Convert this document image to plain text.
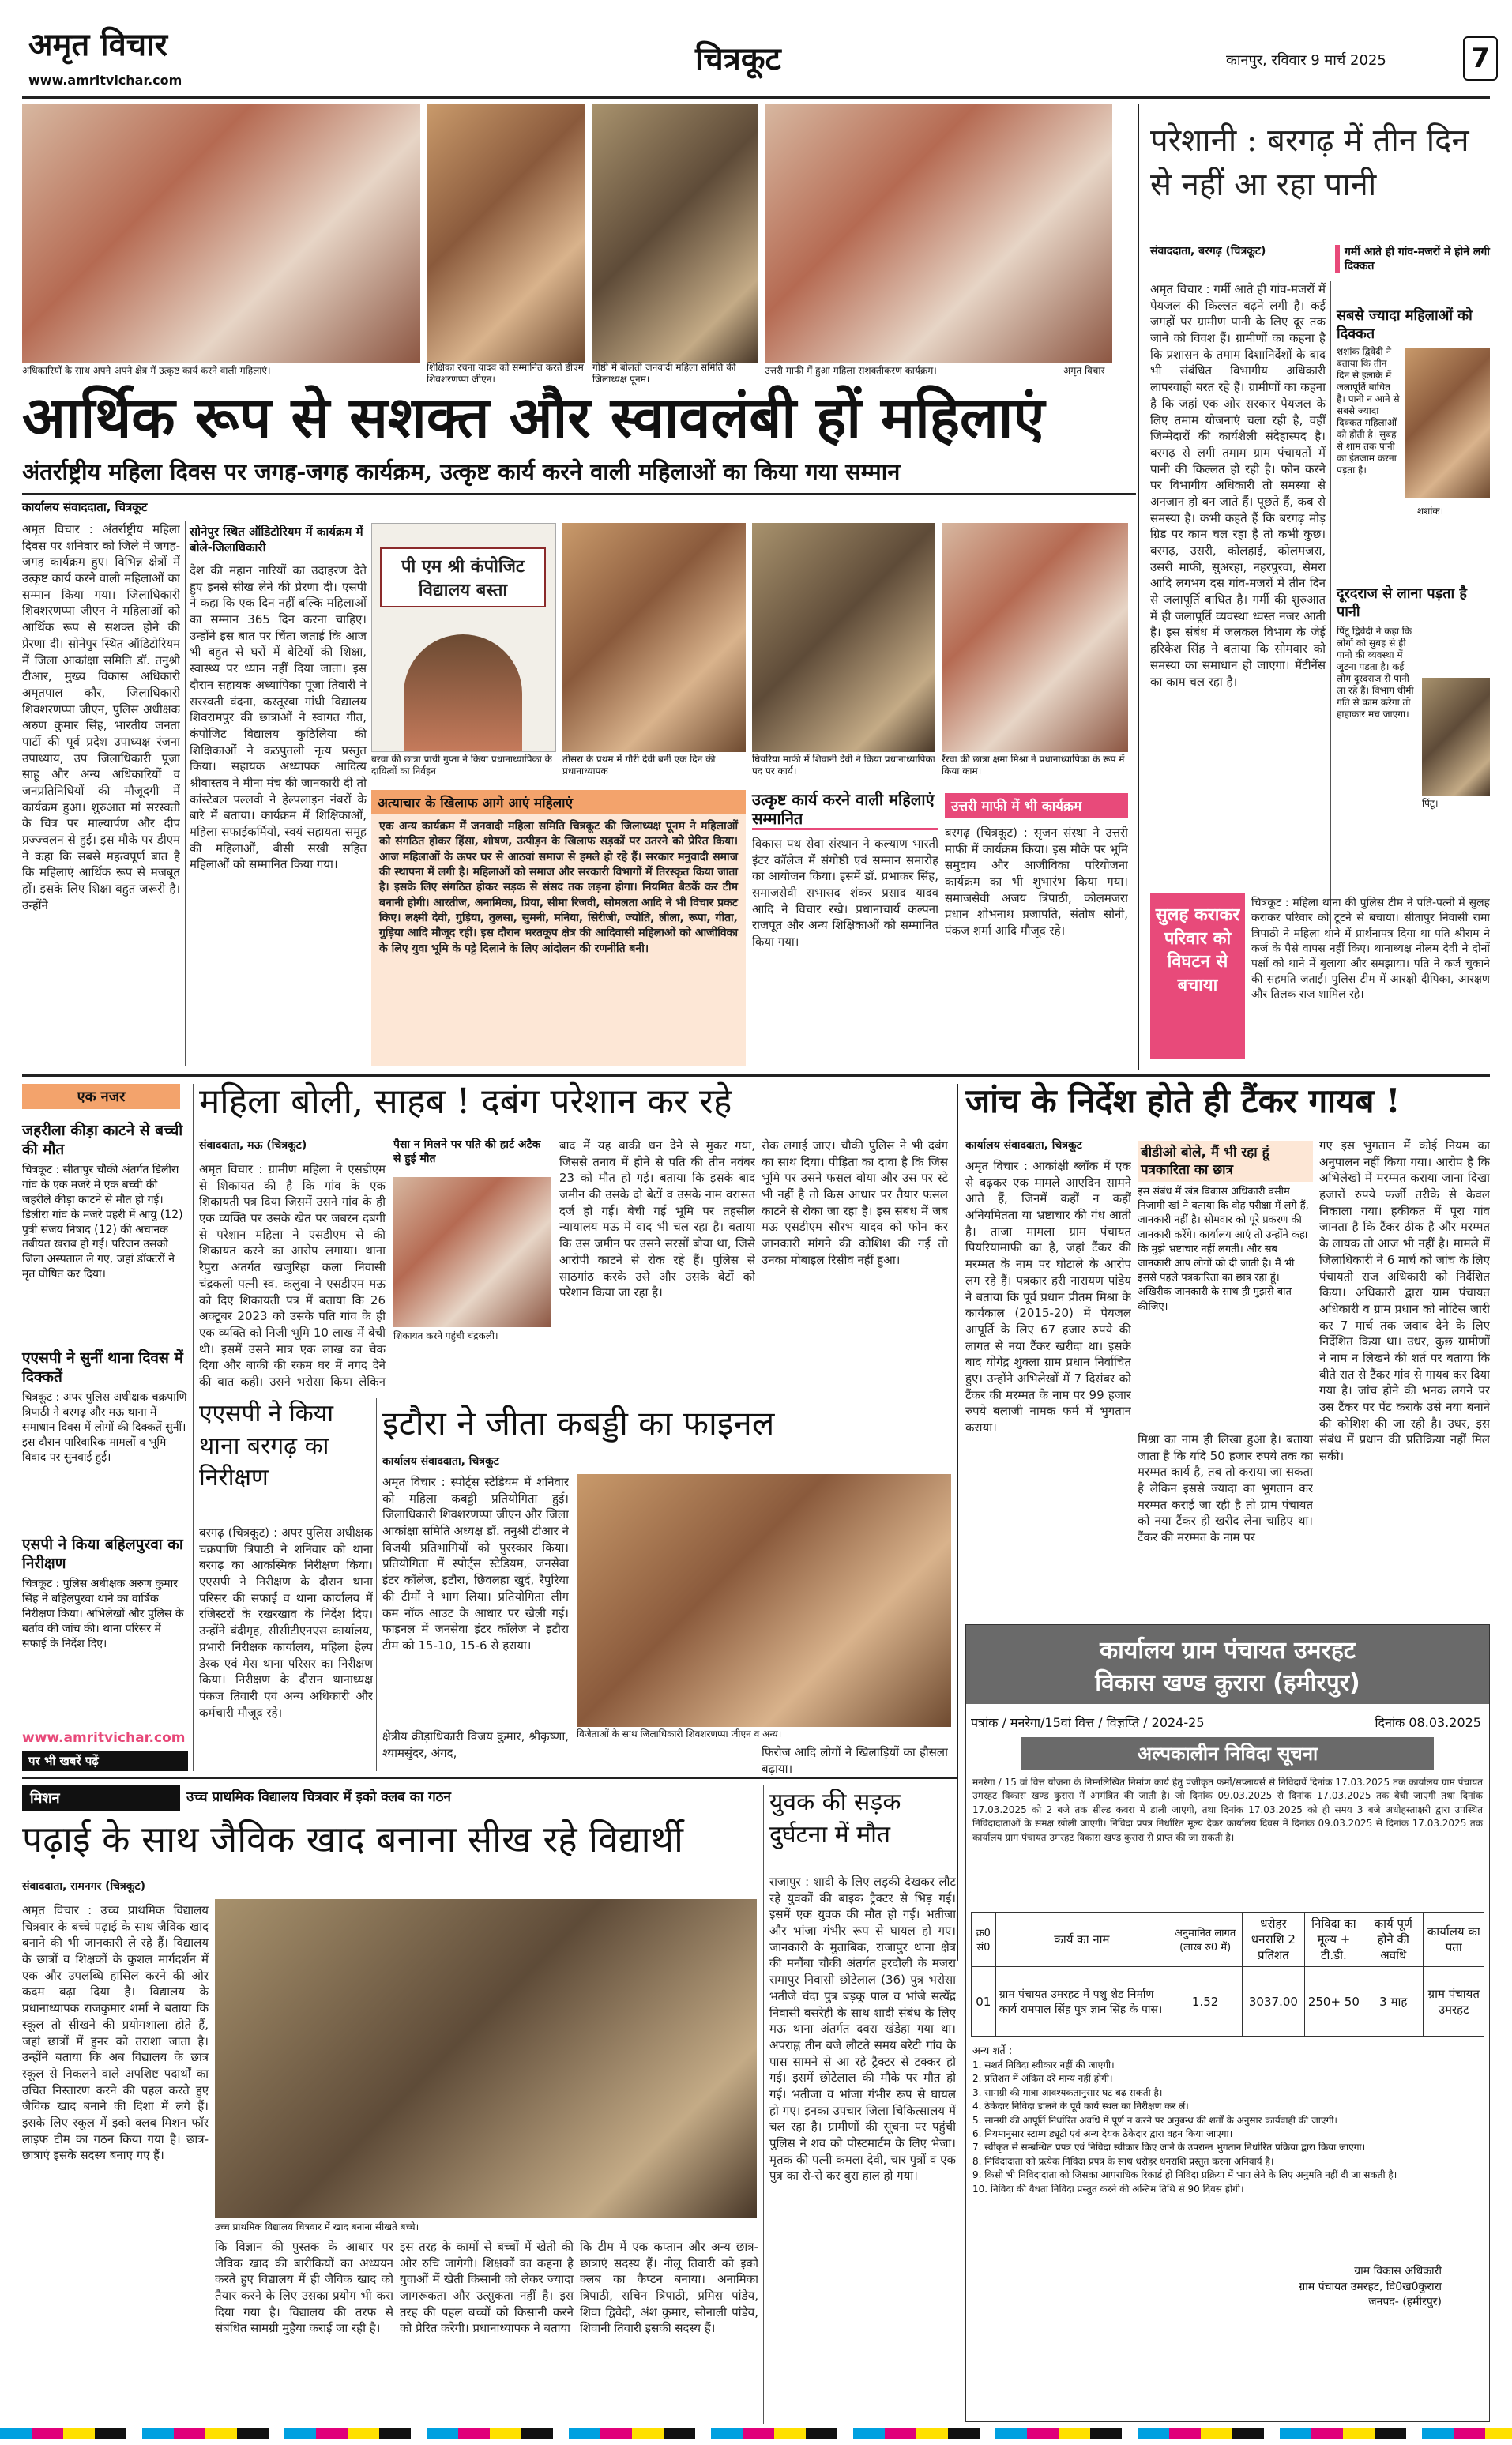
अमृत विचार
www.amritvichar.com
चित्रकूट	कानपुर, रविवार 9 मार्च 2025	7
अधिकारियों के साथ अपने-अपने क्षेत्र में उत्कृष्ट कार्य करने वाली महिलाएं।	शिक्षिका रचना यादव को सम्मानित करते डीएम शिवशरणप्पा जीएन।
गोष्ठी में बोलतीं जनवादी महिला समिति की जिलाध्यक्ष पूनम।
उत्तरी माफी में हुआ महिला सशक्तीकरण कार्यक्रम।	अमृत विचार
आर्थिक रूप से सशक्त और स्वावलंबी हों महिलाएं
अंतर्राष्ट्रीय महिला दिवस पर जगह-जगह कार्यक्रम, उत्कृष्ट कार्य करने वाली महिलाओं का किया गया सम्मान
कार्यालय संवाददाता, चित्रकूट
अमृत विचार : अंतर्राष्ट्रीय महिला दिवस पर शनिवार को जिले में जगह-जगह कार्यक्रम हुए। विभिन्न क्षेत्रों में उत्कृष्ट कार्य करने वाली महिलाओं का सम्मान किया गया। जिलाधिकारी शिवशरणप्पा जीएन ने महिलाओं को आर्थिक रूप से सशक्त होने की प्रेरणा दी। सोनेपुर स्थित ऑडिटोरियम में जिला आकांक्षा समिति डॉ. तनुश्री टीआर, मुख्य विकास अधिकारी अमृतपाल कौर, जिलाधिकारी शिवशरणप्पा जीएन, पुलिस अधीक्षक अरुण कुमार सिंह, भारतीय जनता पार्टी की पूर्व प्रदेश उपाध्यक्ष रंजना उपाध्याय, उप जिलाधिकारी पूजा साहू और अन्य अधिकारियों व जनप्रतिनिधियों की मौजूदगी में कार्यक्रम हुआ। शुरुआत मां सरस्वती के चित्र पर माल्यार्पण और दीप प्रज्ज्वलन से हुई। इस मौके पर डीएम ने कहा कि सबसे महत्वपूर्ण बात है कि महिलाएं आर्थिक रूप से मजबूत हों। इसके लिए शिक्षा बहुत जरूरी है। उन्होंने
सोनेपुर स्थित ऑडिटोरियम में कार्यक्रम में बोले-जिलाधिकारी
देश की महान नारियों का उदाहरण देते हुए इनसे सीख लेने की प्रेरणा दी। एसपी ने कहा कि एक दिन नहीं बल्कि महिलाओं का सम्मान 365 दिन करना चाहिए। उन्होंने इस बात पर चिंता जताई कि आज भी बहुत से घरों में बेटियों की शिक्षा, स्वास्थ्य पर ध्यान नहीं दिया जाता। इस दौरान सहायक अध्यापिका पूजा तिवारी ने सरस्वती वंदना, कस्तूरबा गांधी विद्यालय शिवरामपुर की छात्राओं ने स्वागत गीत, कंपोजिट विद्यालय कुठिलिया की शिक्षिकाओं ने कठपुतली नृत्य प्रस्तुत किया। सहायक अध्यापक आदित्य श्रीवास्तव ने मीना मंच की जानकारी दी तो कांस्टेबल पल्लवी ने हेल्पलाइन नंबरों के बारे में बताया। कार्यक्रम में शिक्षिकाओं, महिला सफाईकर्मियों, स्वयं सहायता समूह की महिलाओं, बीसी सखी सहित महिलाओं को सम्मानित किया गया।
पी एम श्री कंपोजिट विद्यालय बस्ता
बरवा की छात्रा प्राची गुप्ता ने किया प्रधानाध्यापिका के दायित्वों का निर्वहन
तीसरा के प्रथम में गौरी देवी बनीं एक दिन की प्रधानाध्यापक
घियरिया माफी में शिवानी देवी ने किया प्रधानाध्यापिका पद पर कार्य।
रैंरवा की छात्रा क्षमा मिश्रा ने प्रधानाध्यापिका के रूप में किया काम।
अत्याचार के खिलाफ आगे आएं महिलाएं
एक अन्य कार्यक्रम में जनवादी महिला समिति चित्रकूट की जिलाध्यक्ष पूनम ने महिलाओं को संगठित होकर हिंसा, शोषण, उत्पीड़न के खिलाफ सड़कों पर उतरने को प्रेरित किया। आज महिलाओं के ऊपर घर से आठवां समाज से हमले हो रहे हैं। सरकार मनुवादी समाज की स्थापना में लगी है। महिलाओं को समाज और सरकारी विभागों में तिरस्कृत किया जाता है। इसके लिए संगठित होकर सड़क से संसद तक लड़ना होगा। नियमित बैठकें कर टीम बनानी होगी। आरतीज, अनामिका, प्रिया, सीमा रिजवी, सोमलता आदि ने भी विचार प्रकट किए। लक्ष्मी देवी, गुड़िया, तुलसा, सुमनी, मनिया, सिरीजी, ज्योति, लीला, रूपा, गीता, गुड़िया आदि मौजूद रहीं। इस दौरान भरतकूप क्षेत्र की आदिवासी महिलाओं को आजीविका के लिए युवा भूमि के पट्टे दिलाने के लिए आंदोलन की रणनीति बनी।
उत्कृष्ट कार्य करने वाली महिलाएं सम्मानित
विकास पथ सेवा संस्थान ने कल्याण भारती इंटर कॉलेज में संगोष्ठी एवं सम्मान समारोह का आयोजन किया। इसमें डॉ. प्रभाकर सिंह, समाजसेवी सभासद शंकर प्रसाद यादव आदि ने विचार रखे। प्रधानाचार्य कल्पना राजपूत और अन्य शिक्षिकाओं को सम्मानित किया गया।
उत्तरी माफी में भी कार्यक्रम
बरगढ़ (चित्रकूट) : सृजन संस्था ने उत्तरी माफी में कार्यक्रम किया। इस मौके पर भूमि समुदाय और आजीविका परियोजना कार्यक्रम का भी शुभारंभ किया गया। समाजसेवी अजय त्रिपाठी, कोलमजरा प्रधान शोभनाथ प्रजापति, संतोष सोनी, पंकज शर्मा आदि मौजूद रहे।
परेशानी : बरगढ़ में तीन दिन से नहीं आ रहा पानी
संवाददाता, बरगढ़ (चित्रकूट)	गर्मी आते ही गांव-मजरों में होने लगी दिक्कत
अमृत विचार : गर्मी आते ही गांव-मजरों में पेयजल की किल्लत बढ़ने लगी है। कई जगहों पर ग्रामीण पानी के लिए दूर तक जाने को विवश हैं। ग्रामीणों का कहना है कि प्रशासन के तमाम दिशानिर्देशों के बाद भी संबंधित विभागीय अधिकारी लापरवाही बरत रहे हैं। ग्रामीणों का कहना है कि जहां एक ओर सरकार पेयजल के लिए तमाम योजनाएं चला रही है, वहीं जिम्मेदारों की कार्यशैली संदेहास्पद है। बरगढ़ से लगी तमाम ग्राम पंचायतों में पानी की किल्लत हो रही है। फोन करने पर विभागीय अधिकारी तो समस्या से अनजान हो बन जाते हैं। पूछते हैं, कब से समस्या है। कभी कहते हैं कि बरगढ़ मोड़ ग्रिड पर काम चल रहा है तो कभी कुछ। बरगढ़, उसरी, कोलहाई, कोलमजरा, उसरी माफी, सुअरहा, नहरपुरवा, सेमरा आदि लगभग दस गांव-मजरों में तीन दिन से जलापूर्ति बाधित है। गर्मी की शुरुआत में ही जलापूर्ति व्यवस्था ध्वस्त नजर आती है। इस संबंध में जलकल विभाग के जेई हरिकेश सिंह ने बताया कि सोमवार को समस्या का समाधान हो जाएगा। मेंटीनेंस का काम चल रहा है।
सबसे ज्यादा महिलाओं को दिक्कत
शशांक द्विवेदी ने बताया कि तीन दिन से इलाके में जलापूर्ति बाधित है। पानी न आने से सबसे ज्यादा दिक्कत महिलाओं को होती है। सुबह से शाम तक पानी का इंतजाम करना पड़ता है।
शशांक।
दूरदराज से लाना पड़ता है पानी
पिंटू द्विवेदी ने कहा कि लोगों को सुबह से ही पानी की व्यवस्था में जुटना पड़ता है। कई लोग दूरदराज से पानी ला रहे हैं। विभाग धीमी गति से काम करेगा तो हाहाकार मच जाएगा।
पिंटू।
सुलह कराकर परिवार को विघटन से बचाया
चित्रकूट : महिला थाना की पुलिस टीम ने पति-पत्नी में सुलह कराकर परिवार को टूटने से बचाया। सीतापुर निवासी रामा त्रिपाठी ने महिला थाने में प्रार्थनापत्र दिया था पति श्रीराम ने कर्ज के पैसे वापस नहीं किए। थानाध्यक्ष नीलम देवी ने दोनों पक्षों को थाने में बुलाया और समझाया। पति ने कर्ज चुकाने की सहमति जताई। पुलिस टीम में आरक्षी दीपिका, आरक्षण और तिलक राज शामिल रहे।
एक नजर
जहरीला कीड़ा काटने से बच्ची की मौत
चित्रकूट : सीतापुर चौकी अंतर्गत डिलीरा गांव के एक मजरे में एक बच्ची की जहरीले कीड़ा काटने से मौत हो गई। डिलीरा गांव के मजरे पहरी में आयु (12) पुत्री संजय निषाद (12) की अचानक तबीयत खराब हो गई। परिजन उसको जिला अस्पताल ले गए, जहां डॉक्टरों ने मृत घोषित कर दिया।
एएसपी ने सुनीं थाना दिवस में दिक्कतें
चित्रकूट : अपर पुलिस अधीक्षक चक्रपाणि त्रिपाठी ने बरगढ़ और मऊ थाना में समाधान दिवस में लोगों की दिक्कतें सुनीं। इस दौरान पारिवारिक मामलों व भूमि विवाद पर सुनवाई हुई।
एसपी ने किया बहिलपुरवा का निरीक्षण
चित्रकूट : पुलिस अधीक्षक अरुण कुमार सिंह ने बहिलपुरवा थाने का वार्षिक निरीक्षण किया। अभिलेखों और पुलिस के बर्ताव की जांच की। थाना परिसर में सफाई के निर्देश दिए।
www.amritvichar.com
पर भी खबरें पढ़ें
महिला बोली, साहब ! दबंग परेशान कर रहे
संवाददाता, मऊ (चित्रकूट)
अमृत विचार : ग्रामीण महिला ने एसडीएम से शिकायत की है कि गांव के एक शिकायती पत्र दिया जिसमें उसने गांव के ही एक व्यक्ति पर उसके खेत पर जबरन दबंगी से परेशान महिला ने एसडीएम से की शिकायत करने का आरोप लगाया। थाना रैपुरा अंतर्गत खजुरिहा कला निवासी चंद्रकली पत्नी स्व. कलुवा ने एसडीएम मऊ को दिए शिकायती पत्र में बताया कि 26 अक्टूबर 2023 को उसके पति गांव के ही एक व्यक्ति को निजी भूमि 10 लाख में बेची थी। इसमें उसने मात्र एक लाख का चेक दिया और बाकी की रकम घर में नगद देने की बात कही। उसने भरोसा किया लेकिन
पैसा न मिलने पर पति की हार्ट अटैक से हुई मौत
शिकायत करने पहुंची चंद्रकली।
बाद में यह बाकी धन देने से मुकर गया, जिससे तनाव में होने से पति की तीन नवंबर 23 को मौत हो गई। बताया कि इसके बाद जमीन की उसके दो बेटों व उसके नाम वरासत दर्ज हो गई। बेची गई भूमि पर तहसील न्यायालय मऊ में वाद भी चल रहा है। बताया कि उस जमीन पर उसने सरसों बोया था, जिसे आरोपी काटने से रोक रहे हैं। पुलिस से साठगांठ करके उसे और उसके बेटों को परेशान किया जा रहा है।
रोक लगाई जाए। चौकी पुलिस ने भी दबंग का साथ दिया। पीड़िता का दावा है कि जिस भूमि पर उसने फसल बोया और उस पर स्टे भी नहीं है तो किस आधार पर तैयार फसल काटने से रोका जा रहा है। इस संबंध में जब मऊ एसडीएम सौरभ यादव को फोन कर जानकारी मांगने की कोशिश की गई तो उनका मोबाइल रिसीव नहीं हुआ।
एएसपी ने किया थाना बरगढ़ का निरीक्षण
बरगढ़ (चित्रकूट) : अपर पुलिस अधीक्षक चक्रपाणि त्रिपाठी ने शनिवार को थाना बरगढ़ का आकस्मिक निरीक्षण किया। एएसपी ने निरीक्षण के दौरान थाना परिसर की सफाई व थाना कार्यालय में रजिस्टरों के रखरखाव के निर्देश दिए। उन्होंने बंदीगृह, सीसीटीएनएस कार्यालय, प्रभारी निरीक्षक कार्यालय, महिला हेल्प डेस्क एवं मेस थाना परिसर का निरीक्षण किया। निरीक्षण के दौरान थानाध्यक्ष पंकज तिवारी एवं अन्य अधिकारी और कर्मचारी मौजूद रहे।
इटौरा ने जीता कबड्डी का फाइनल
कार्यालय संवाददाता, चित्रकूट
अमृत विचार : स्पोर्ट्स स्टेडियम में शनिवार को महिला कबड्डी प्रतियोगिता हुई। जिलाधिकारी शिवशरणप्पा जीएन और जिला आकांक्षा समिति अध्यक्ष डॉ. तनुश्री टीआर ने विजयी प्रतिभागियों को पुरस्कार किया। प्रतियोगिता में स्पोर्ट्स स्टेडियम, जनसेवा इंटर कॉलेज, इटौरा, छिवलहा खुर्द, रैपुरिया की टीमों ने भाग लिया। प्रतियोगिता लीग कम नॉक आउट के आधार पर खेली गई। फाइनल में जनसेवा इंटर कॉलेज ने इटौरा टीम को 15-10, 15-6 से हराया।
विजेताओं के साथ जिलाधिकारी शिवशरणप्पा जीएन व अन्य।
क्षेत्रीय क्रीड़ाधिकारी विजय कुमार, श्रीकृष्णा, श्यामसुंदर, अंगद,	फिरोज आदि लोगों ने खिलाड़ियों का हौसला बढ़ाया।
जांच के निर्देश होते ही टैंकर गायब !
कार्यालय संवाददाता, चित्रकूट
अमृत विचार : आकांक्षी ब्लॉक में एक से बढ़कर एक मामले आएदिन सामने आते हैं, जिनमें कहीं न कहीं अनियमितता या भ्रष्टाचार की गंध आती है। ताजा मामला ग्राम पंचायत पियरियामाफी का है, जहां टैंकर की मरम्मत के नाम पर घोटाले के आरोप लग रहे हैं। पत्रकार हरी नारायण पांडेय ने बताया कि पूर्व प्रधान प्रीतम मिश्रा के कार्यकाल (2015-20) में पेयजल आपूर्ति के लिए 67 हजार रुपये की लागत से नया टैंकर खरीदा था। इसके बाद योगेंद्र शुक्ला ग्राम प्रधान निर्वाचित हुए। उन्होंने अभिलेखों में 7 दिसंबर को टैंकर की मरम्मत के नाम पर 99 हजार रुपये बलाजी नामक फर्म में भुगतान कराया।
बीडीओ बोले, मैं भी रहा हूं पत्रकारिता का छात्र
इस संबंध में खंड विकास अधिकारी वसीम निजामी खां ने बताया कि वोह परीक्षा में लगे हैं, जानकारी नहीं है। सोमवार को पूरे प्रकरण की जानकारी करेंगे। कार्यालय आएं तो उन्होंने कहा कि मुझे भ्रष्टाचार नहीं लगती। और सब जानकारी आप लोगों को दी जाती है। मैं भी इससे पहले पत्रकारिता का छात्र रहा हूं। अखिरीक जानकारी के साथ ही मुझसे बात कीजिए।
मिश्रा का नाम ही लिखा हुआ है। बताया जाता है कि यदि 50 हजार रुपये तक का मरम्मत कार्य है, तब तो कराया जा सकता है लेकिन इससे ज्यादा का भुगतान कर मरम्मत कराई जा रही है तो ग्राम पंचायत को नया टैंकर ही खरीद लेना चाहिए था। टैंकर की मरम्मत के नाम पर
गए इस भुगतान में कोई नियम का अनुपालन नहीं किया गया। आरोप है कि अभिलेखों में मरम्मत कराया जाना दिखा हजारों रुपये फर्जी तरीके से केवल निकाला गया। हकीकत में पूरा गांव जानता है कि टैंकर ठीक है और मरम्मत के लायक तो आज भी नहीं है। मामले में जिलाधिकारी ने 6 मार्च को जांच के लिए पंचायती राज अधिकारी को निर्देशित किया। अधिकारी द्वारा ग्राम पंचायत अधिकारी व ग्राम प्रधान को नोटिस जारी कर 7 मार्च तक जवाब देने के लिए निर्देशित किया था। उधर, कुछ ग्रामीणों ने नाम न लिखने की शर्त पर बताया कि बीते रात से टैंकर गांव से गायब कर दिया गया है। जांच होने की भनक लगने पर उस टैंकर पर पेंट कराके उसे नया बनाने की कोशिश की जा रही है। उधर, इस संबंध में प्रधान की प्रतिक्रिया नहीं मिल सकी।
कार्यालय ग्राम पंचायत उमरहट
विकास खण्ड कुरारा (हमीरपुर)
पत्रांक / मनरेगा/15वां वित्त / विज्ञप्ति / 2024-25	दिनांक 08.03.2025
अल्पकालीन निविदा सूचना
मनरेगा / 15 वां वित्त योजना के निम्नलिखित निर्माण कार्य हेतु पंजीकृत फर्मो/सप्लायर्स से निविदायें दिनांक 17.03.2025 तक कार्यालय ग्राम पंचायत उमरहट विकास खण्ड कुरारा में आमंत्रित की जाती है। जो दिनांक 09.03.2025 से दिनांक 17.03.2025 तक बेची जाएगी तथा दिनांक 17.03.2025 को 2 बजे तक सील्ड कवरा में डाली जाएगी, तथा दिनांक 17.03.2025 को ही समय 3 बजे अधोहस्ताक्षरी द्वारा उपस्थित निविदादाताओं के समक्ष खोली जाएगी। निविदा प्रपत्र निर्धारित मूल्य देकर कार्यालय दिवस में दिनांक 09.03.2025 से दिनांक 17.03.2025 तक कार्यालय ग्राम पंचायत उमरहट विकास खण्ड कुरारा से प्राप्त की जा सकती है।
क्र0 सं0	कार्य का नाम	अनुमानित लागत (लाख रु0 में)	धरोहर धनराशि 2 प्रतिशत	निविदा का मूल्य + टी.डी.	कार्य पूर्ण होने की अवधि	कार्यालय का पता
01	ग्राम पंचायत उमरहट में पशु शेड निर्माण कार्य रामपाल सिंह पुत्र ज्ञान सिंह के पास।	1.52	3037.00	250+ 50	3 माह	ग्राम पंचायत उमरहट
अन्य शर्ते :
1. सशर्त निविदा स्वीकार नहीं की जाएगी।
2. प्रतिशत में अंकित दरें मान्य नहीं होगी।
3. सामग्री की मात्रा आवश्यकतानुसार घट बढ़ सकती है।
4. ठेकेदार निविदा डालने के पूर्व कार्य स्थल का निरीक्षण कर लें।
5. सामग्री की आपूर्ति निर्धारित अवधि में पूर्ण न करने पर अनुबन्ध की शर्तों के अनुसार कार्यवाही की जाएगी।
6. नियमानुसार स्टाम्प ड्यूटी एवं अन्य देयक ठेकेदार द्वारा वहन किया जाएगा।
7. स्वीकृत से सम्बन्धित प्रपत्र एवं निविदा स्वीकार किए जाने के उपरान्त भुगतान निर्धारित प्रक्रिया द्वारा किया जाएगा।
8. निविदादाता को प्रत्येक निविदा प्रपत्र के साथ धरोहर धनराशि प्रस्तुत करना अनिवार्य है।
9. किसी भी निविदादाता को जिसका आपराधिक रिकार्ड हो निविदा प्रक्रिया में भाग लेने के लिए अनुमति नहीं दी जा सकती है।
10. निविदा की वैधता निविदा प्रस्तुत करने की अन्तिम तिथि से 90 दिवस होगी।
ग्राम विकास अधिकारी
ग्राम पंचायत उमरहट, वि0ख0कुरारा
जनपद- (हमीरपुर)
मिशन	उच्च प्राथमिक विद्यालय चित्रवार में इको क्लब का गठन
पढ़ाई के साथ जैविक खाद बनाना सीख रहे विद्यार्थी
संवाददाता, रामनगर (चित्रकूट)
अमृत विचार : उच्च प्राथमिक विद्यालय चित्रवार के बच्चे पढ़ाई के साथ जैविक खाद बनाने की भी जानकारी ले रहे हैं। विद्यालय के छात्रों व शिक्षकों के कुशल मार्गदर्शन में एक और उपलब्धि हासिल करने की ओर कदम बढ़ा दिया है। विद्यालय के प्रधानाध्यापक राजकुमार शर्मा ने बताया कि स्कूल तो सीखने की प्रयोगशाला होते हैं, जहां छात्रों में हुनर को तराशा जाता है। उन्होंने बताया कि अब विद्यालय के छात्र स्कूल से निकलने वाले अपशिष्ट पदार्थों का उचित निस्तारण करने की पहल करते हुए जैविक खाद बनाने की दिशा में लगे हैं। इसके लिए स्कूल में इको क्लब मिशन फॉर लाइफ टीम का गठन किया गया है। छात्र-छात्राएं इसके सदस्य बनाए गए हैं।
उच्च प्राथमिक विद्यालय चित्रवार में खाद बनाना सीखते बच्चे।
कि विज्ञान की पुस्तक के आधार पर जैविक खाद की बारीकियों का अध्ययन करते हुए विद्यालय में ही जैविक खाद को तैयार करने के लिए उसका प्रयोग भी करा दिया गया है। विद्यालय की तरफ से संबंधित सामग्री मुहैया कराई जा रही है।
इस तरह के कामों से बच्चों में खेती की ओर रुचि जागेगी। शिक्षकों का कहना है युवाओं में खेती किसानी को लेकर ज्यादा जागरूकता और उत्सुकता नहीं है। इस तरह की पहल बच्चों को किसानी करने को प्रेरित करेगी। प्रधानाध्यापक ने बताया
कि टीम में एक कप्तान और अन्य छात्र-छात्राएं सदस्य हैं। नीलू तिवारी को इको क्लब का कैप्टन बनाया। अनामिका त्रिपाठी, सचिन त्रिपाठी, प्रमिस पांडेय, शिवा द्विवेदी, अंश कुमार, सोनाली पांडेय, शिवानी तिवारी इसकी सदस्य हैं।
युवक की सड़क दुर्घटना में मौत
राजापुर : शादी के लिए लड़की देखकर लौट रहे युवकों की बाइक ट्रैक्टर से भिड़ गई। इसमें एक युवक की मौत हो गई। भतीजा और भांजा गंभीर रूप से घायल हो गए। जानकारी के मुताबिक, राजापुर थाना क्षेत्र की मनौंबा चौकी अंतर्गत हरदौली के मजरा रामापुर निवासी छोटेलाल (36) पुत्र भरोसा भतीजे चंदा पुत्र बड़कू पाल व भांजे सत्येंद्र निवासी बसरेही के साथ शादी संबंध के लिए मऊ थाना अंतर्गत दवरा खंडेहा गया था। अपराह्न तीन बजे लौटते समय बरेटी गांव के पास सामने से आ रहे ट्रैक्टर से टक्कर हो गई। इसमें छोटेलाल की मौके पर मौत हो गई। भतीजा व भांजा गंभीर रूप से घायल हो गए। इनका उपचार जिला चिकित्सालय में चल रहा है। ग्रामीणों की सूचना पर पहुंची पुलिस ने शव को पोस्टमार्टम के लिए भेजा। मृतक की पत्नी कमला देवी, चार पुत्रों व एक पुत्र का रो-रो कर बुरा हाल हो गया।
